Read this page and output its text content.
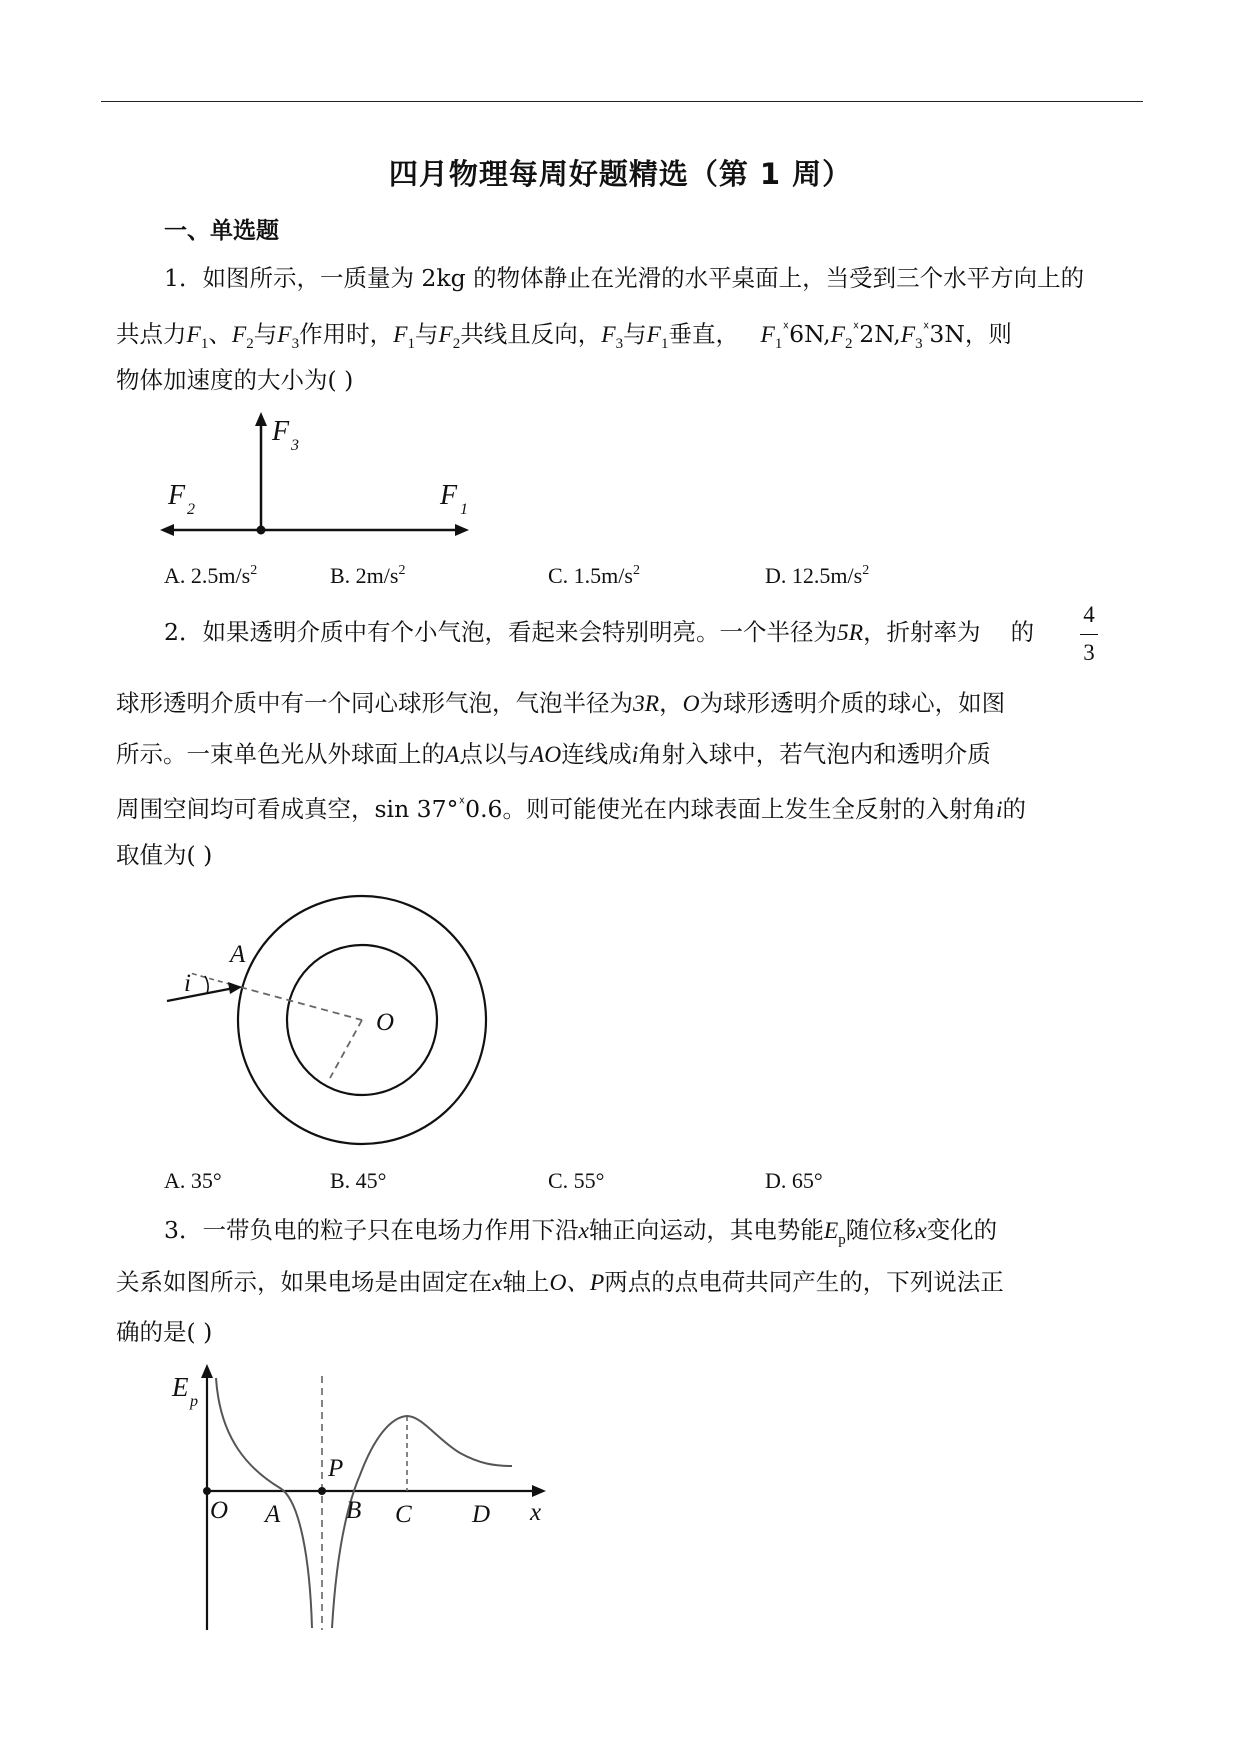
四月物理每周好题精选（第 1 周）
一、单选题
1．如图所示，一质量为 2kg 的物体静止在光滑的水平桌面上，当受到三个水平方向上的
共点力$F_1$、$F_2$与$F_3$作用时，$F_1$与$F_2$共线且反向，$F_3$与$F_1$垂直， $F_1^ᕁ6N,F_2^ᕁ2N,F_3^ᕁ3N$，则
物体加速度的大小为( )
F 3
F 2	F 1
A. $2.5m/s^2$	B. $2m/s^2$	C. $1.5m/s^2$	D. $12.5m/s^2$
2．如果透明介质中有个小气泡，看起来会特别明亮。一个半径为5R，折射率为 的
4
3
球形透明介质中有一个同心球形气泡，气泡半径为3R，O为球形透明介质的球心，如图
所示。一束单色光从外球面上的A点以与AO连线成i角射入球中，若气泡内和透明介质
周围空间均可看成真空，sin 37°$^ᕁ$0.6。则可能使光在内球表面上发生全反射的入射角i的
取值为( )
A
i
O
A. 35°	B. 45°	C. 55°	D. 65°
3．一带负电的粒子只在电场力作用下沿x轴正向运动，其电势能$E_p$随位移x变化的
关系如图所示，如果电场是由固定在x轴上O、P两点的点电荷共同产生的，下列说法正
确的是( )
E p
P
O A	B C D x
